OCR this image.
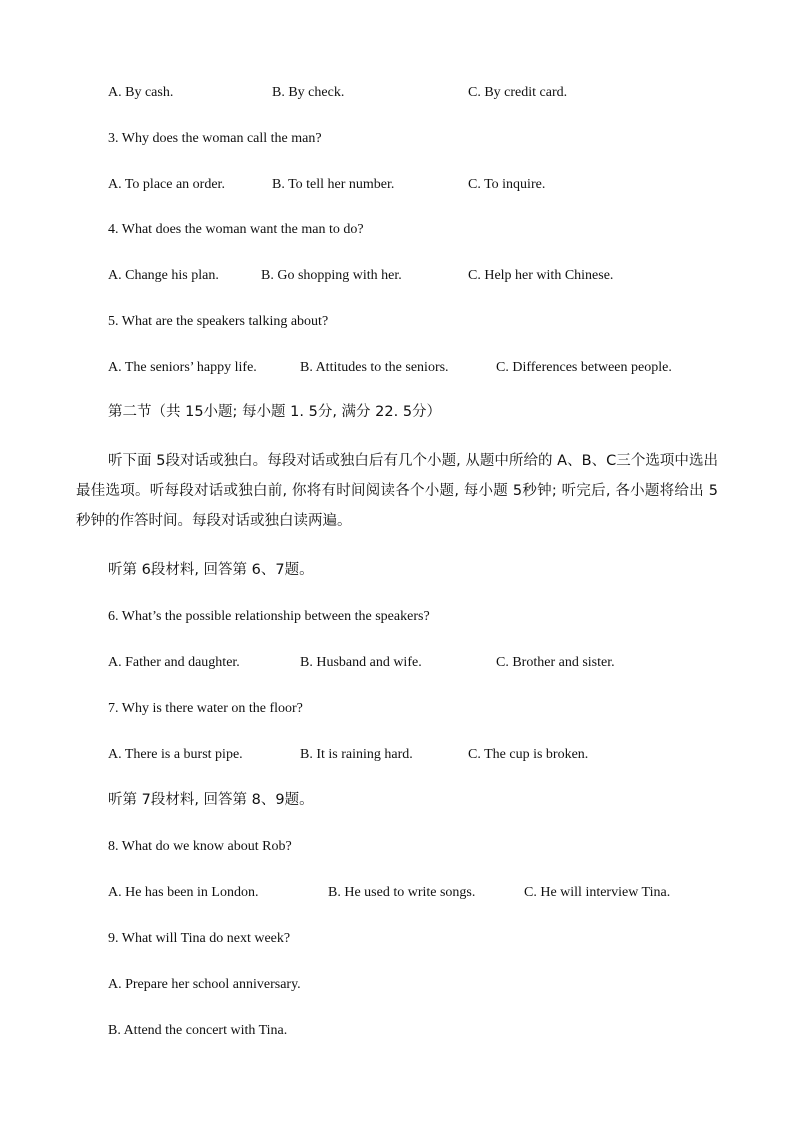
A. By cash.	B. By check.	C. By credit card.
3. Why does the woman call the man?
A. To place an order.	B. To tell her number.	C. To inquire.
4. What does the woman want the man to do?
A. Change his plan.	B. Go shopping with her.	C. Help her with Chinese.
5. What are the speakers talking about?
A. The seniors’ happy life.	B. Attitudes to the seniors.	C. Differences between people.
第二节（共 15小题; 每小题 1. 5分, 满分 22. 5分）
听下面 5段对话或独白。每段对话或独白后有几个小题, 从题中所给的 A、B、C三个选项中选出最佳选项。听每段对话或独白前, 你将有时间阅读各个小题, 每小题 5秒钟; 听完后, 各小题将给出 5秒钟的作答时间。每段对话或独白读两遍。
听第 6段材料, 回答第 6、7题。
6. What’s the possible relationship between the speakers?
A. Father and daughter.	B. Husband and wife.	C. Brother and sister.
7. Why is there water on the floor?
A. There is a burst pipe.	B. It is raining hard.	C. The cup is broken.
听第 7段材料, 回答第 8、9题。
8. What do we know about Rob?
A. He has been in London.	B. He used to write songs.	C. He will interview Tina.
9. What will Tina do next week?
A. Prepare her school anniversary.
B. Attend the concert with Tina.
